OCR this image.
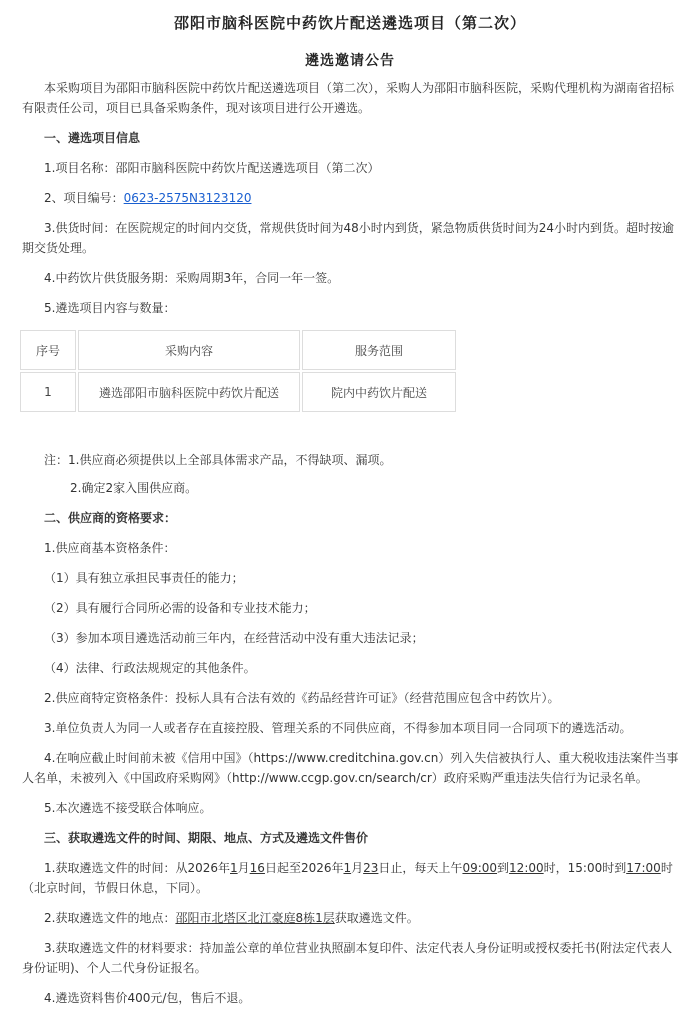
邵阳市脑科医院中药饮片配送遴选项目（第二次）
遴选邀请公告

本采购项目为邵阳市脑科医院中药饮片配送遴选项目（第二次），采购人为邵阳市脑科医院，采购代理机构为湖南省招标有限责任公司，项目已具备采购条件，现对该项目进行公开遴选。

一、遴选项目信息

1.项目名称：邵阳市脑科医院中药饮片配送遴选项目（第二次）

2、项目编号：0623-2575N3123120

3.供货时间：在医院规定的时间内交货，常规供货时间为48小时内到货，紧急物质供货时间为24小时内到货。超时按逾期交货处理。

4.中药饮片供货服务期：采购周期3年，合同一年一签。

5.遴选项目内容与数量：

序号	采购内容	服务范围
1	遴选邵阳市脑科医院中药饮片配送	院内中药饮片配送

注：1.供应商必须提供以上全部具体需求产品，不得缺项、漏项。

2.确定2家入围供应商。

二、供应商的资格要求：

1.供应商基本资格条件：

（1）具有独立承担民事责任的能力；

（2）具有履行合同所必需的设备和专业技术能力；

（3）参加本项目遴选活动前三年内，在经营活动中没有重大违法记录；

（4）法律、行政法规规定的其他条件。

2.供应商特定资格条件：投标人具有合法有效的《药品经营许可证》（经营范围应包含中药饮片）。

3.单位负责人为同一人或者存在直接控股、管理关系的不同供应商，不得参加本项目同一合同项下的遴选活动。

4.在响应截止时间前未被《信用中国》（https://www.creditchina.gov.cn）列入失信被执行人、重大税收违法案件当事人名单，未被列入《中国政府采购网》（http://www.ccgp.gov.cn/search/cr）政府采购严重违法失信行为记录名单。

5.本次遴选不接受联合体响应。

三、获取遴选文件的时间、期限、地点、方式及遴选文件售价

1.获取遴选文件的时间：从2026年1月16日起至2026年1月23日止，每天上午09:00到12:00时，15:00时到17:00时（北京时间，节假日休息，下同）。

2.获取遴选文件的地点：邵阳市北塔区北江豪庭8栋1层获取遴选文件。

3.获取遴选文件的材料要求：持加盖公章的单位营业执照副本复印件、法定代表人身份证明或授权委托书(附法定代表人身份证明)、个人二代身份证报名。

4.遴选资料售价400元/包，售后不退。
